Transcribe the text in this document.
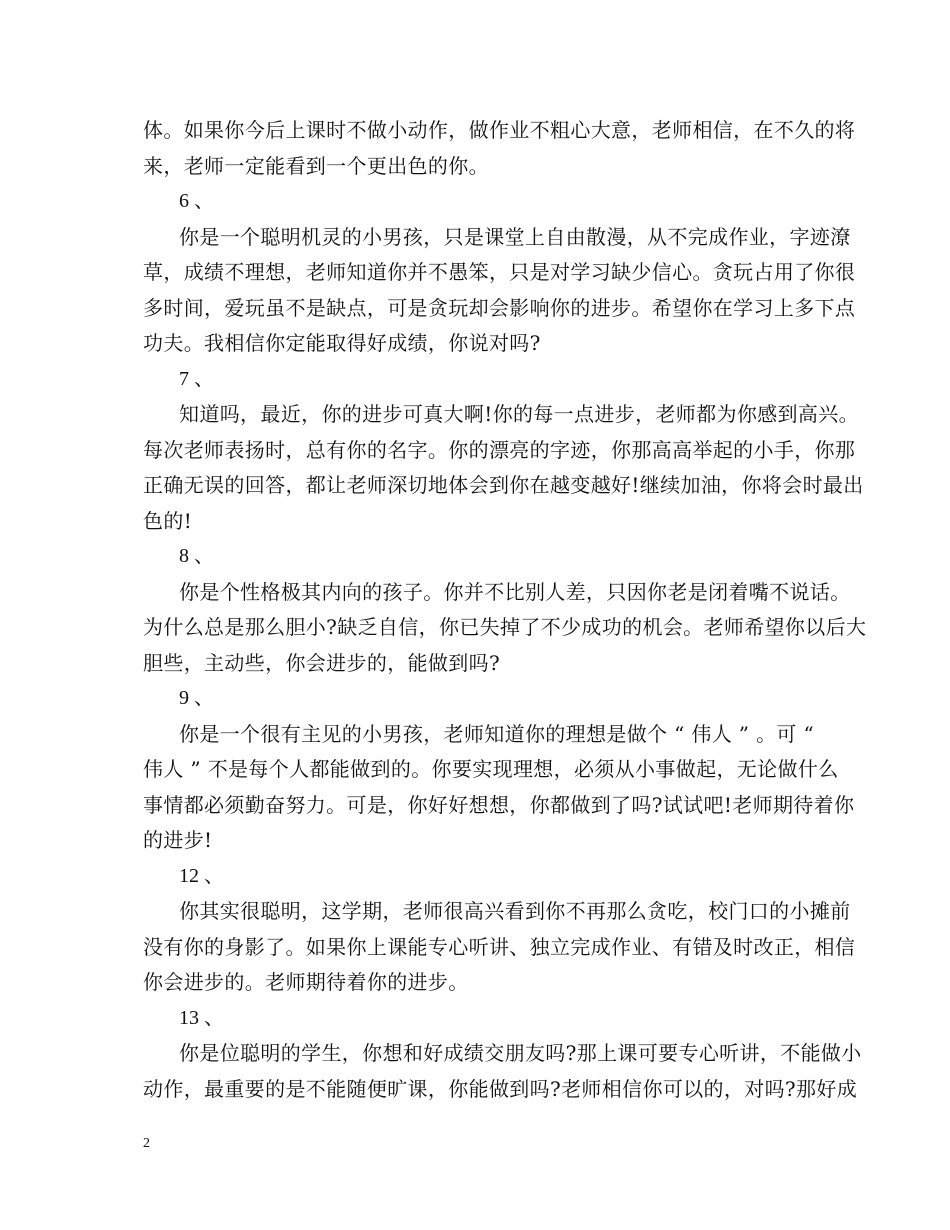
体。如果你今后上课时不做小动作，做作业不粗心大意，老师相信，在不久的将
来，老师一定能看到一个更出色的你。
6 、
你是一个聪明机灵的小男孩，只是课堂上自由散漫，从不完成作业，字迹潦
草，成绩不理想，老师知道你并不愚笨，只是对学习缺少信心。贪玩占用了你很
多时间，爱玩虽不是缺点，可是贪玩却会影响你的进步。希望你在学习上多下点
功夫。我相信你定能取得好成绩，你说对吗?
7 、
知道吗，最近，你的进步可真大啊!你的每一点进步，老师都为你感到高兴。
每次老师表扬时，总有你的名字。你的漂亮的字迹，你那高高举起的小手，你那
正确无误的回答，都让老师深切地体会到你在越变越好!继续加油，你将会时最出
色的!
8 、
你是个性格极其内向的孩子。你并不比别人差，只因你老是闭着嘴不说话。
为什么总是那么胆小?缺乏自信，你已失掉了不少成功的机会。老师希望你以后大
胆些，主动些，你会进步的，能做到吗?
9 、
你是一个很有主见的小男孩，老师知道你的理想是做个 “ 伟人 ” 。可 “
伟人 ” 不是每个人都能做到的。你要实现理想，必须从小事做起，无论做什么
事情都必须勤奋努力。可是，你好好想想，你都做到了吗?试试吧!老师期待着你
的进步!
12 、
你其实很聪明，这学期，老师很高兴看到你不再那么贪吃，校门口的小摊前
没有你的身影了。如果你上课能专心听讲、独立完成作业、有错及时改正，相信
你会进步的。老师期待着你的进步。
13 、
你是位聪明的学生，你想和好成绩交朋友吗?那上课可要专心听讲，不能做小
动作，最重要的是不能随便旷课，你能做到吗?老师相信你可以的，对吗?那好成
2
